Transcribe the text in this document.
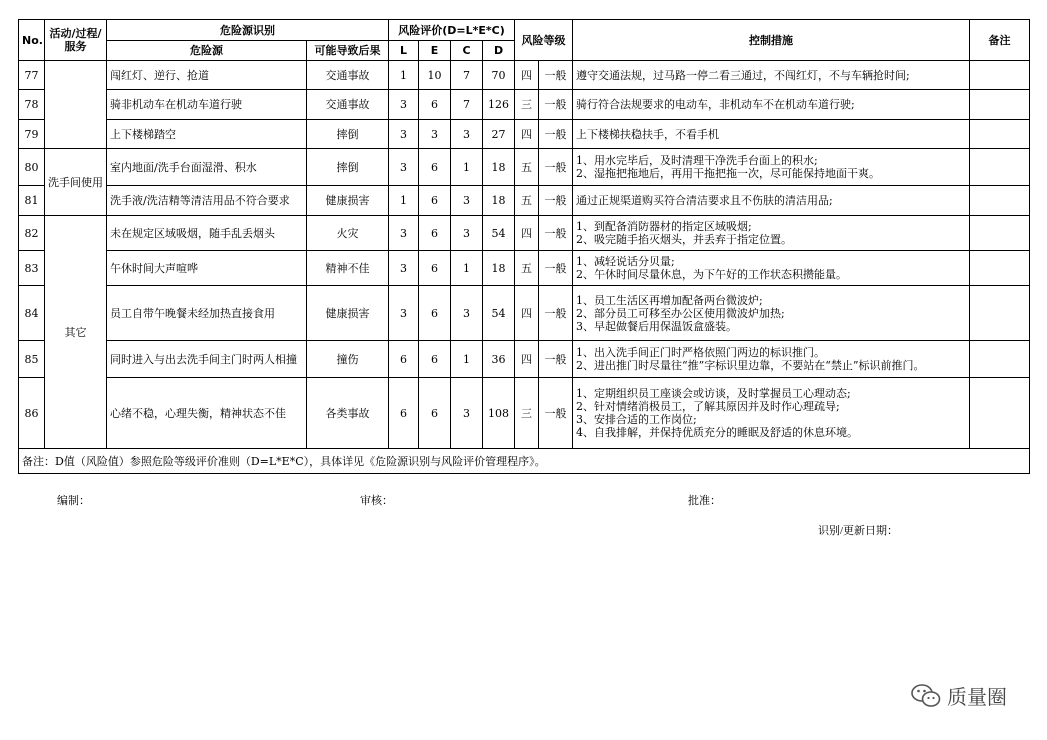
No.	活动/过程/服务	危险源识别		风险评价(D=L*E*C)				风险等级		控制措施	备注
		危险源	可能导致后果	L	E	C	D				
77		闯红灯、逆行、抢道	交通事故	1	10	7	70	四	一般	遵守交通法规，过马路一停二看三通过，不闯红灯，不与车辆抢时间;	

78		骑非机动车在机动车道行驶	交通事故	3	6	7	126	三	一般	骑行符合法规要求的电动车，非机动车不在机动车道行驶;	

79		上下楼梯踏空	摔倒	3	3	3	27	四	一般	上下楼梯扶稳扶手，不看手机	

80	洗手间使用	室内地面/洗手台面湿滑、积水	摔倒	3	6	1	18	五	一般	1、用水完毕后，及时清理干净洗手台面上的积水;
2、湿拖把拖地后，再用干拖把拖一次，尽可能保持地面干爽。	

81		洗手液/洗洁精等清洁用品不符合要求	健康损害	1	6	3	18	五	一般	通过正规渠道购买符合清洁要求且不伤肤的清洁用品;	

82	其它	未在规定区域吸烟，随手乱丢烟头	火灾	3	6	3	54	四	一般	1、到配备消防器材的指定区域吸烟;
2、吸完随手掐灭烟头，并丢弃于指定位置。	

83		午休时间大声喧哗	精神不佳	3	6	1	18	五	一般	1、减轻说话分贝量;
2、午休时间尽量休息，为下午好的工作状态积攒能量。	

84		员工自带午晚餐未经加热直接食用	健康损害	3	6	3	54	四	一般	1、员工生活区再增加配备两台微波炉;
2、部分员工可移至办公区使用微波炉加热;
3、早起做餐后用保温饭盒盛装。	

85		同时进入与出去洗手间主门时两人相撞	撞伤	6	6	1	36	四	一般	1、出入洗手间正门时严格依照门两边的标识推门。
2、进出推门时尽量往“推”字标识里边靠，不要站在“禁止”标识前推门。	

86		心绪不稳，心理失衡，精神状态不佳	各类事故	6	6	3	108	三	一般	1、定期组织员工座谈会或访谈，及时掌握员工心理动态;
2、针对情绪消极员工，了解其原因并及时作心理疏导;
3、安排合适的工作岗位;
4、自我排解，并保持优质充分的睡眠及舒适的休息环境。	

备注：D值（风险值）参照危险等级评价准则（D=L*E*C），具体详见《危险源识别与风险评价管理程序》。											
编制：	审核：	批准：
识别/更新日期：
质量圈
